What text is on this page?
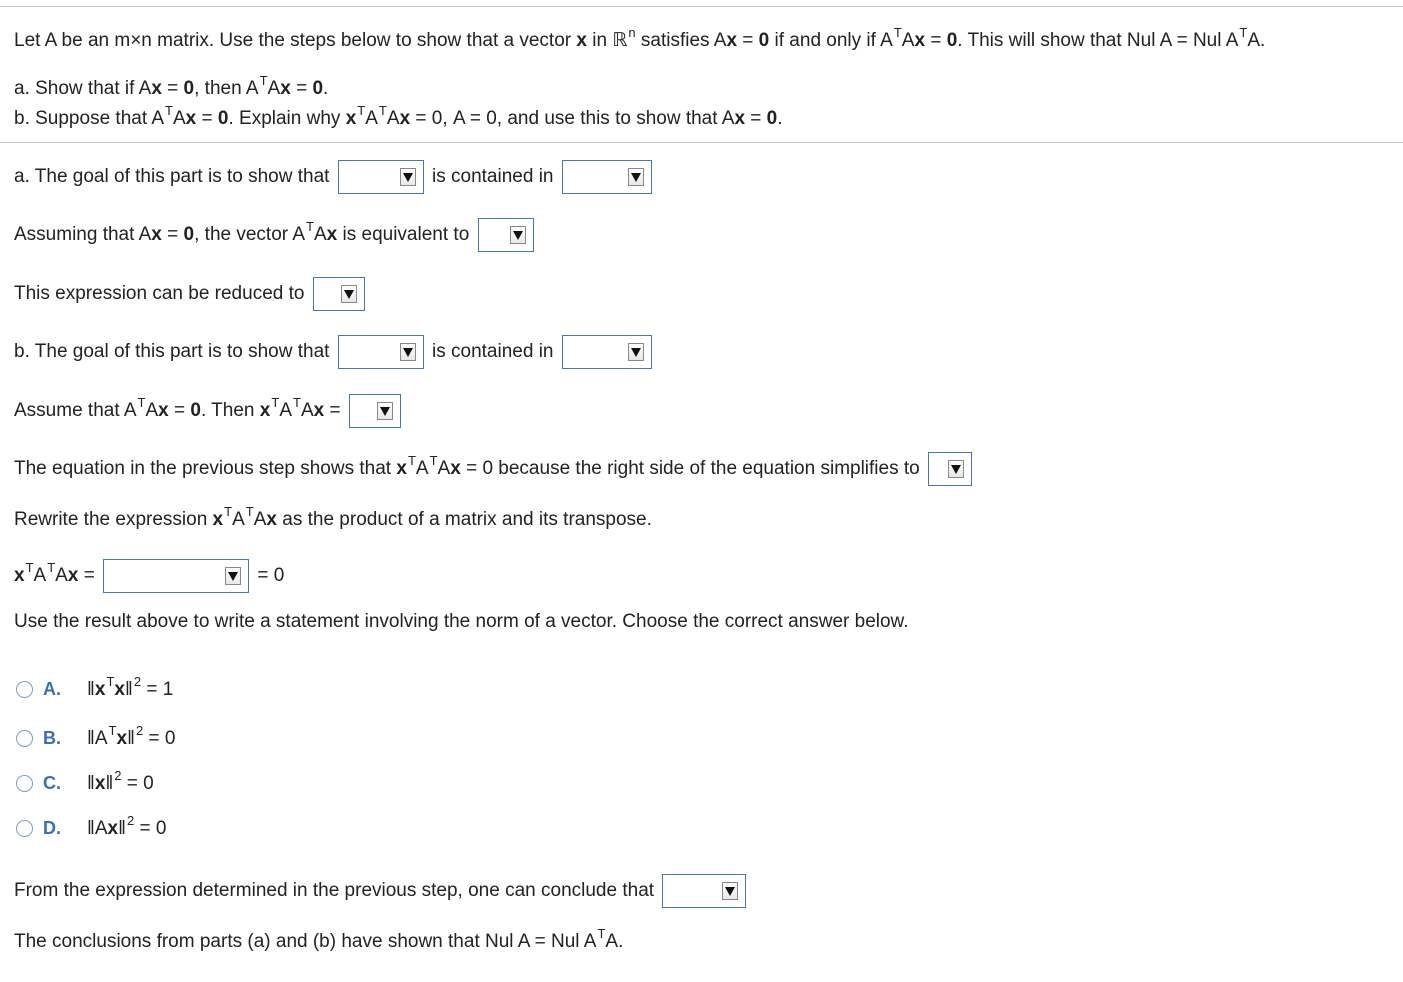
Let A be an m×n matrix. Use the steps below to show that a vector x in ℝ$^n$ satisfies Ax = 0 if and only if $A^TAx = 0$. This will show that Nul A = Nul $A^TA$.
a. Show that if Ax = 0, then $A^TAx = 0$.
b. Suppose that $A^TAx = 0$. Explain why $x^TA^TAx = 0$, A = 0, and use this to show that Ax = 0.
a. The goal of this part is to show that	is contained in
Assuming that Ax = 0, the vector $A^TAx$ is equivalent to
This expression can be reduced to
b. The goal of this part is to show that	is contained in
Assume that $A^TAx = 0$. Then $x^TA^TAx$ =
The equation in the previous step shows that $x^TA^TAx = 0$ because the right side of the equation simplifies to
Rewrite the expression $x^TA^TAx$ as the product of a matrix and its transpose.
$x^TA^TAx$ =	= 0
Use the result above to write a statement involving the norm of a vector. Choose the correct answer below.
A. $‖x^Tx‖^2 = 1$
B. $‖A^Tx‖^2 = 0$
C. ‖x‖$^2$ = 0
D. ‖Ax‖$^2$ = 0
From the expression determined in the previous step, one can conclude that
The conclusions from parts (a) and (b) have shown that Nul A = Nul $A^TA$.
